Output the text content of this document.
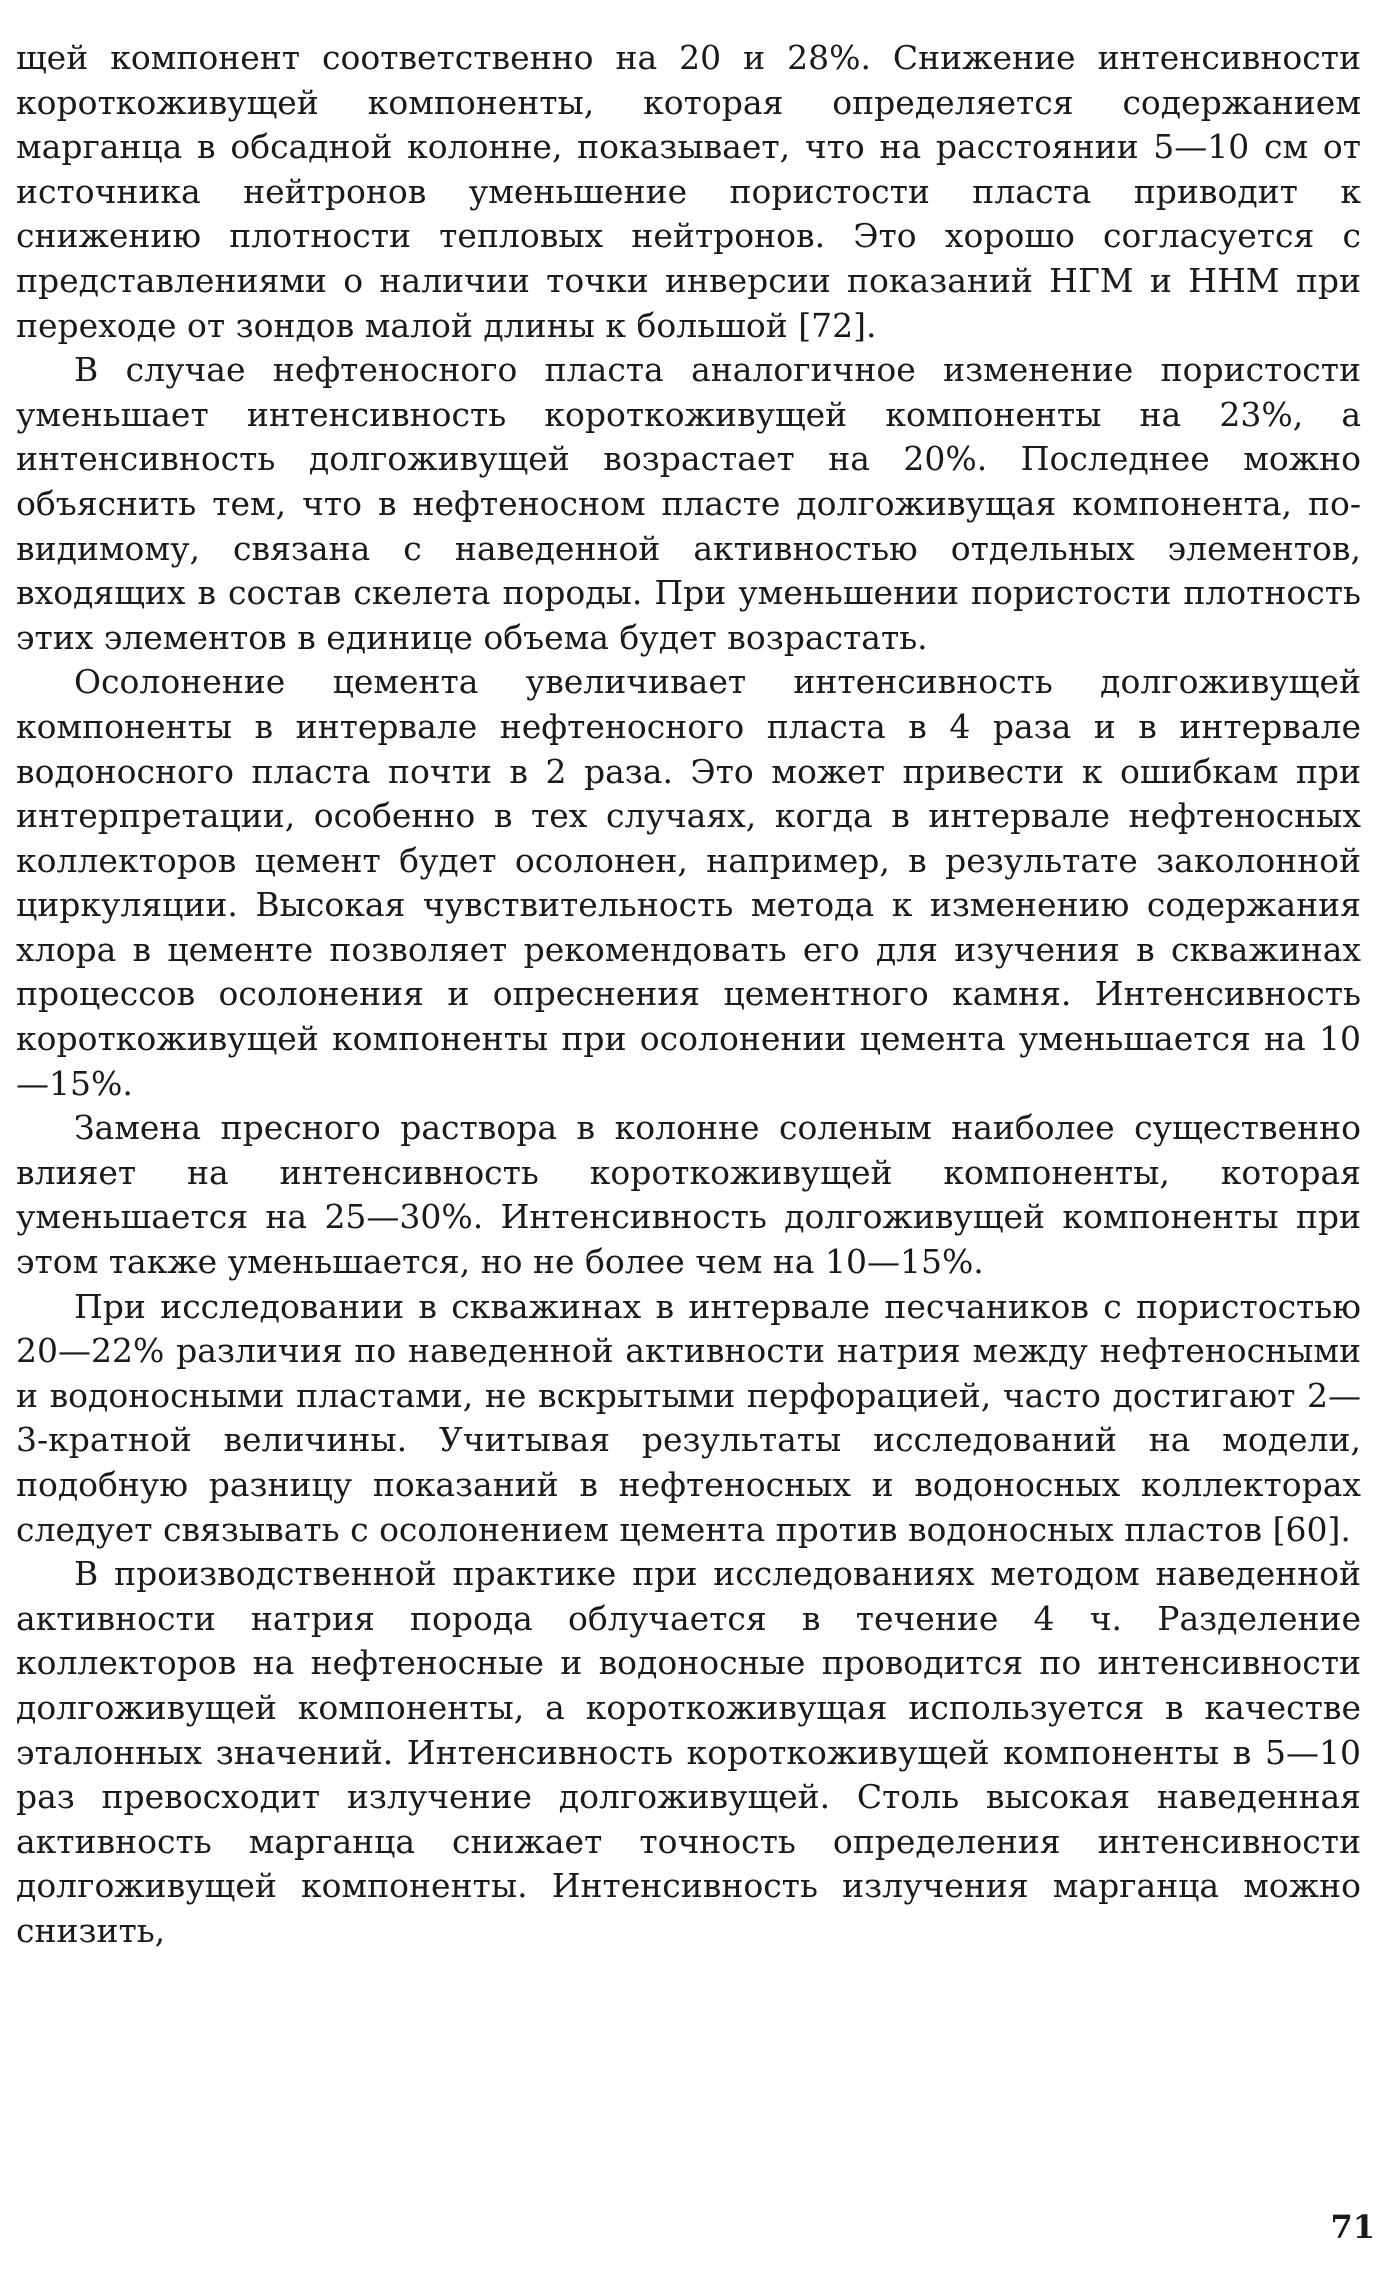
щей компонент соответственно на 20 и 28%. Снижение интенсивности короткоживущей компоненты, которая определяется содержанием марганца в обсадной колонне, показывает, что на расстоянии 5—10 см от источника нейтронов уменьшение пористости пласта приводит к снижению плотности тепловых нейтронов. Это хорошо согласуется с представлениями о наличии точки инверсии показаний НГМ и ННМ при переходе от зондов малой длины к большой [72].

В случае нефтеносного пласта аналогичное изменение пористости уменьшает интенсивность короткоживущей компоненты на 23%, а интенсивность долгоживущей возрастает на 20%. Последнее можно объяснить тем, что в нефтеносном пласте долгоживущая компонента, по-видимому, связана с наведенной активностью отдельных элементов, входящих в состав скелета породы. При уменьшении пористости плотность этих элементов в единице объема будет возрастать.

Осолонение цемента увеличивает интенсивность долгоживущей компоненты в интервале нефтеносного пласта в 4 раза и в интервале водоносного пласта почти в 2 раза. Это может привести к ошибкам при интерпретации, особенно в тех случаях, когда в интервале нефтеносных коллекторов цемент будет осолонен, например, в результате заколонной циркуляции. Высокая чувствительность метода к изменению содержания хлора в цементе позволяет рекомендовать его для изучения в скважинах процессов осолонения и опреснения цементного камня. Интенсивность короткоживущей компоненты при осолонении цемента уменьшается на 10—15%.

Замена пресного раствора в колонне соленым наиболее существенно влияет на интенсивность короткоживущей компоненты, которая уменьшается на 25—30%. Интенсивность долгоживущей компоненты при этом также уменьшается, но не более чем на 10—15%.

При исследовании в скважинах в интервале песчаников с пористостью 20—22% различия по наведенной активности натрия между нефтеносными и водоносными пластами, не вскрытыми перфорацией, часто достигают 2—3-кратной величины. Учитывая результаты исследований на модели, подобную разницу показаний в нефтеносных и водоносных коллекторах следует связывать с осолонением цемента против водоносных пластов [60].

В производственной практике при исследованиях методом наведенной активности натрия порода облучается в течение 4 ч. Разделение коллекторов на нефтеносные и водоносные проводится по интенсивности долгоживущей компоненты, а короткоживущая используется в качестве эталонных значений. Интенсивность короткоживущей компоненты в 5—10 раз превосходит излучение долгоживущей. Столь высокая наведенная активность марганца снижает точность определения интенсивности долгоживущей компоненты. Интенсивность излучения марганца можно снизить,

71
